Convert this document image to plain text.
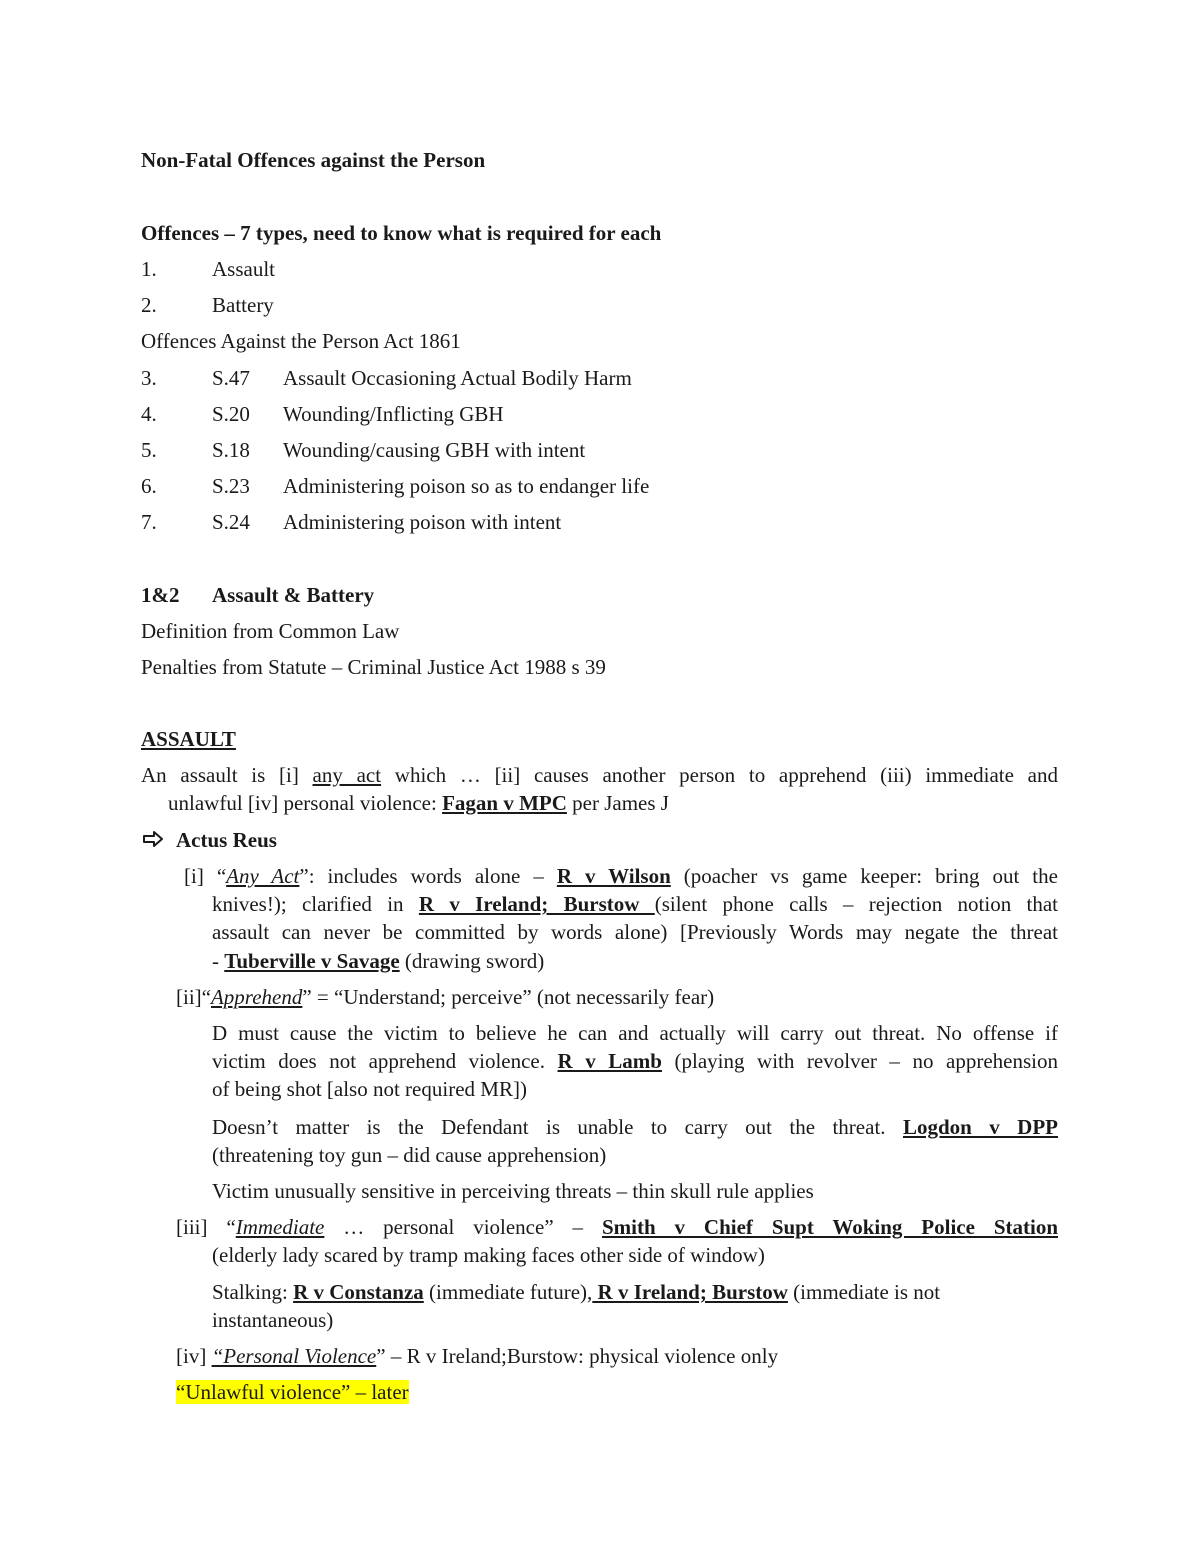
Non-Fatal Offences against the Person
Offences – 7 types, need to know what is required for each
1.	Assault
2.	Battery
Offences Against the Person Act 1861
3.	S.47 Assault Occasioning Actual Bodily Harm
4.	S.20 Wounding/Inflicting GBH
5.	S.18 Wounding/causing GBH with intent
6.	S.23 Administering poison so as to endanger life
7.	S.24 Administering poison with intent
1&2 Assault & Battery
Definition from Common Law
Penalties from Statute – Criminal Justice Act 1988 s 39
ASSAULT
An assault is [i] any act which … [ii] causes another person to apprehend (iii) immediate and
unlawful [iv] personal violence: Fagan v MPC per James J
Actus Reus
[i] “Any Act”: includes words alone – R v Wilson (poacher vs game keeper: bring out the
knives!); clarified in R v Ireland; Burstow (silent phone calls – rejection notion that
assault can never be committed by words alone) [Previously Words may negate the threat
- Tuberville v Savage (drawing sword)
[ii]“Apprehend” = “Understand; perceive” (not necessarily fear)
D must cause the victim to believe he can and actually will carry out threat. No offense if
victim does not apprehend violence. R v Lamb (playing with revolver – no apprehension
of being shot [also not required MR])
Doesn’t matter is the Defendant is unable to carry out the threat. Logdon v DPP
(threatening toy gun – did cause apprehension)
Victim unusually sensitive in perceiving threats – thin skull rule applies
[iii] “Immediate … personal violence” – Smith v Chief Supt Woking Police Station
(elderly lady scared by tramp making faces other side of window)
Stalking: R v Constanza (immediate future), R v Ireland; Burstow (immediate is not
instantaneous)
[iv] “Personal Violence” – R v Ireland;Burstow: physical violence only
“Unlawful violence” – later
